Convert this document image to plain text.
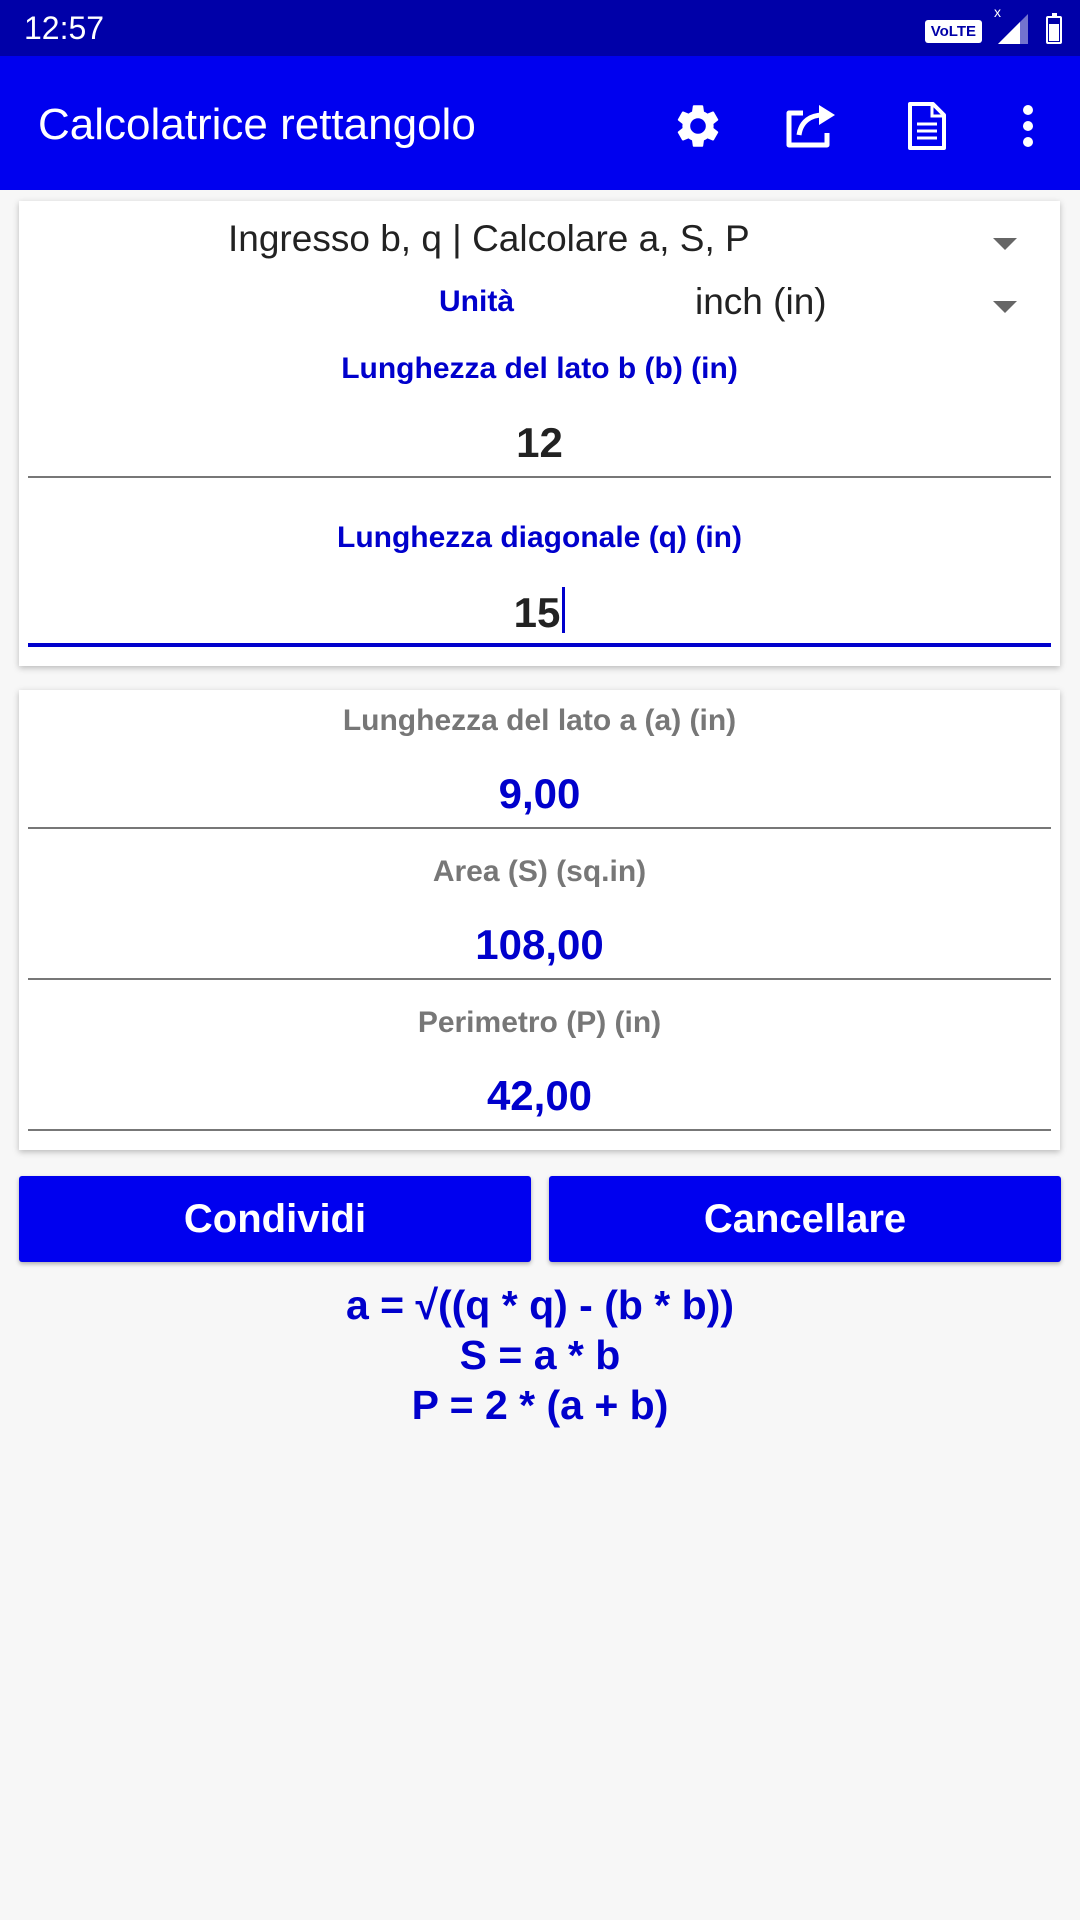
12:57	VoLTE
x
Calcolatrice rettangolo
Ingresso b, q | Calcolare a, S, P
Unità	inch (in)
Lunghezza del lato b (b) (in)
12
Lunghezza diagonale (q) (in)
15
Lunghezza del lato a (a) (in)
9,00
Area (S) (sq.in)
108,00
Perimetro (P) (in)
42,00
Condividi	Cancellare
a = √((q * q) - (b * b))
S = a * b
P = 2 * (a + b)
